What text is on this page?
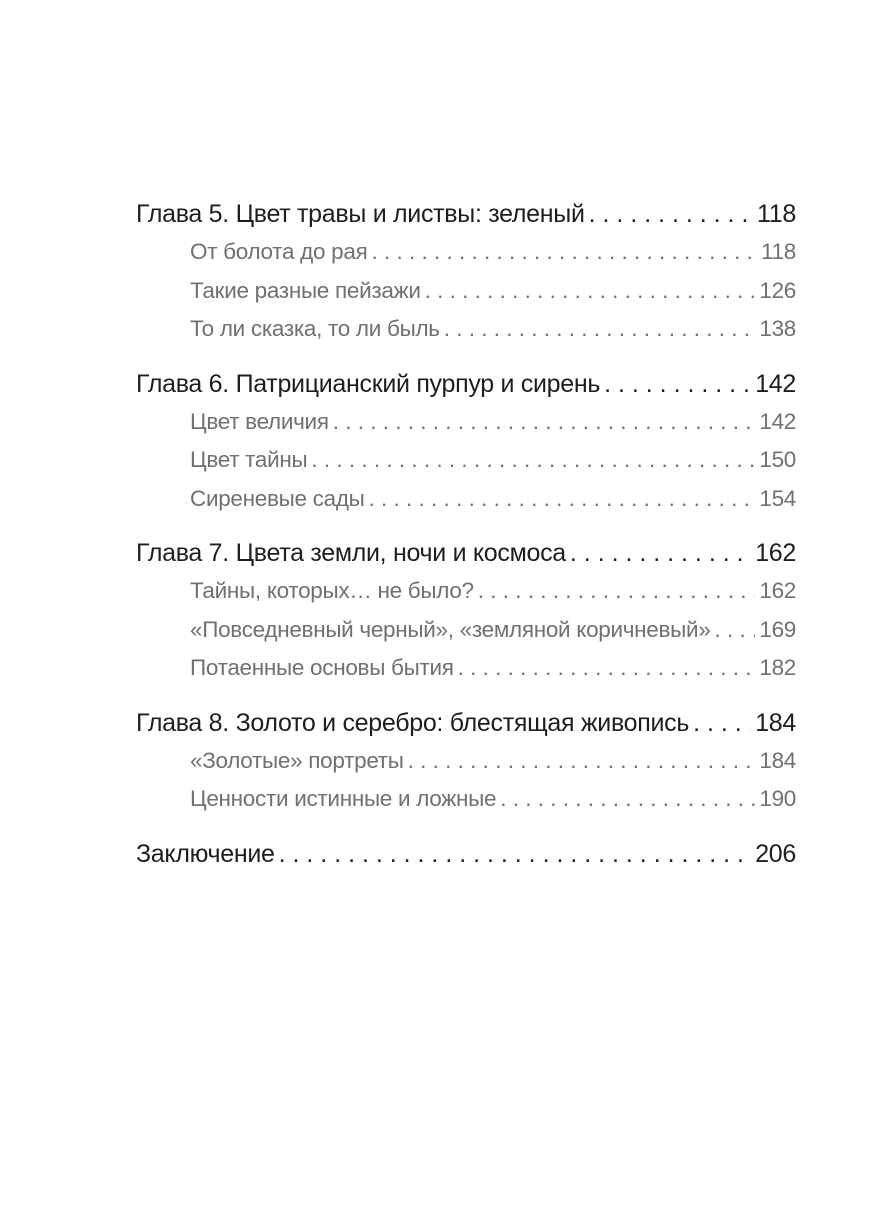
Глава 5. Цвет травы и листвы: зеленый . . .	118
От болота до рая . . .	118
Такие разные пейзажи . . .	126
То ли сказка, то ли быль . . .	138
Глава 6. Патрицианский пурпур и сирень . . .	142
Цвет величия . . .	142
Цвет тайны . . .	150
Сиреневые сады . . .	154
Глава 7. Цвета земли, ночи и космоса . . .	162
Тайны, которых… не было? . . .	162
«Повседневный черный», «земляной коричневый» . . . 169
Потаенные основы бытия . . .	182
Глава 8. Золото и серебро: блестящая живопись . . .	184
«Золотые» портреты . . .	184
Ценности истинные и ложные . . .	190
Заключение . . .	206
